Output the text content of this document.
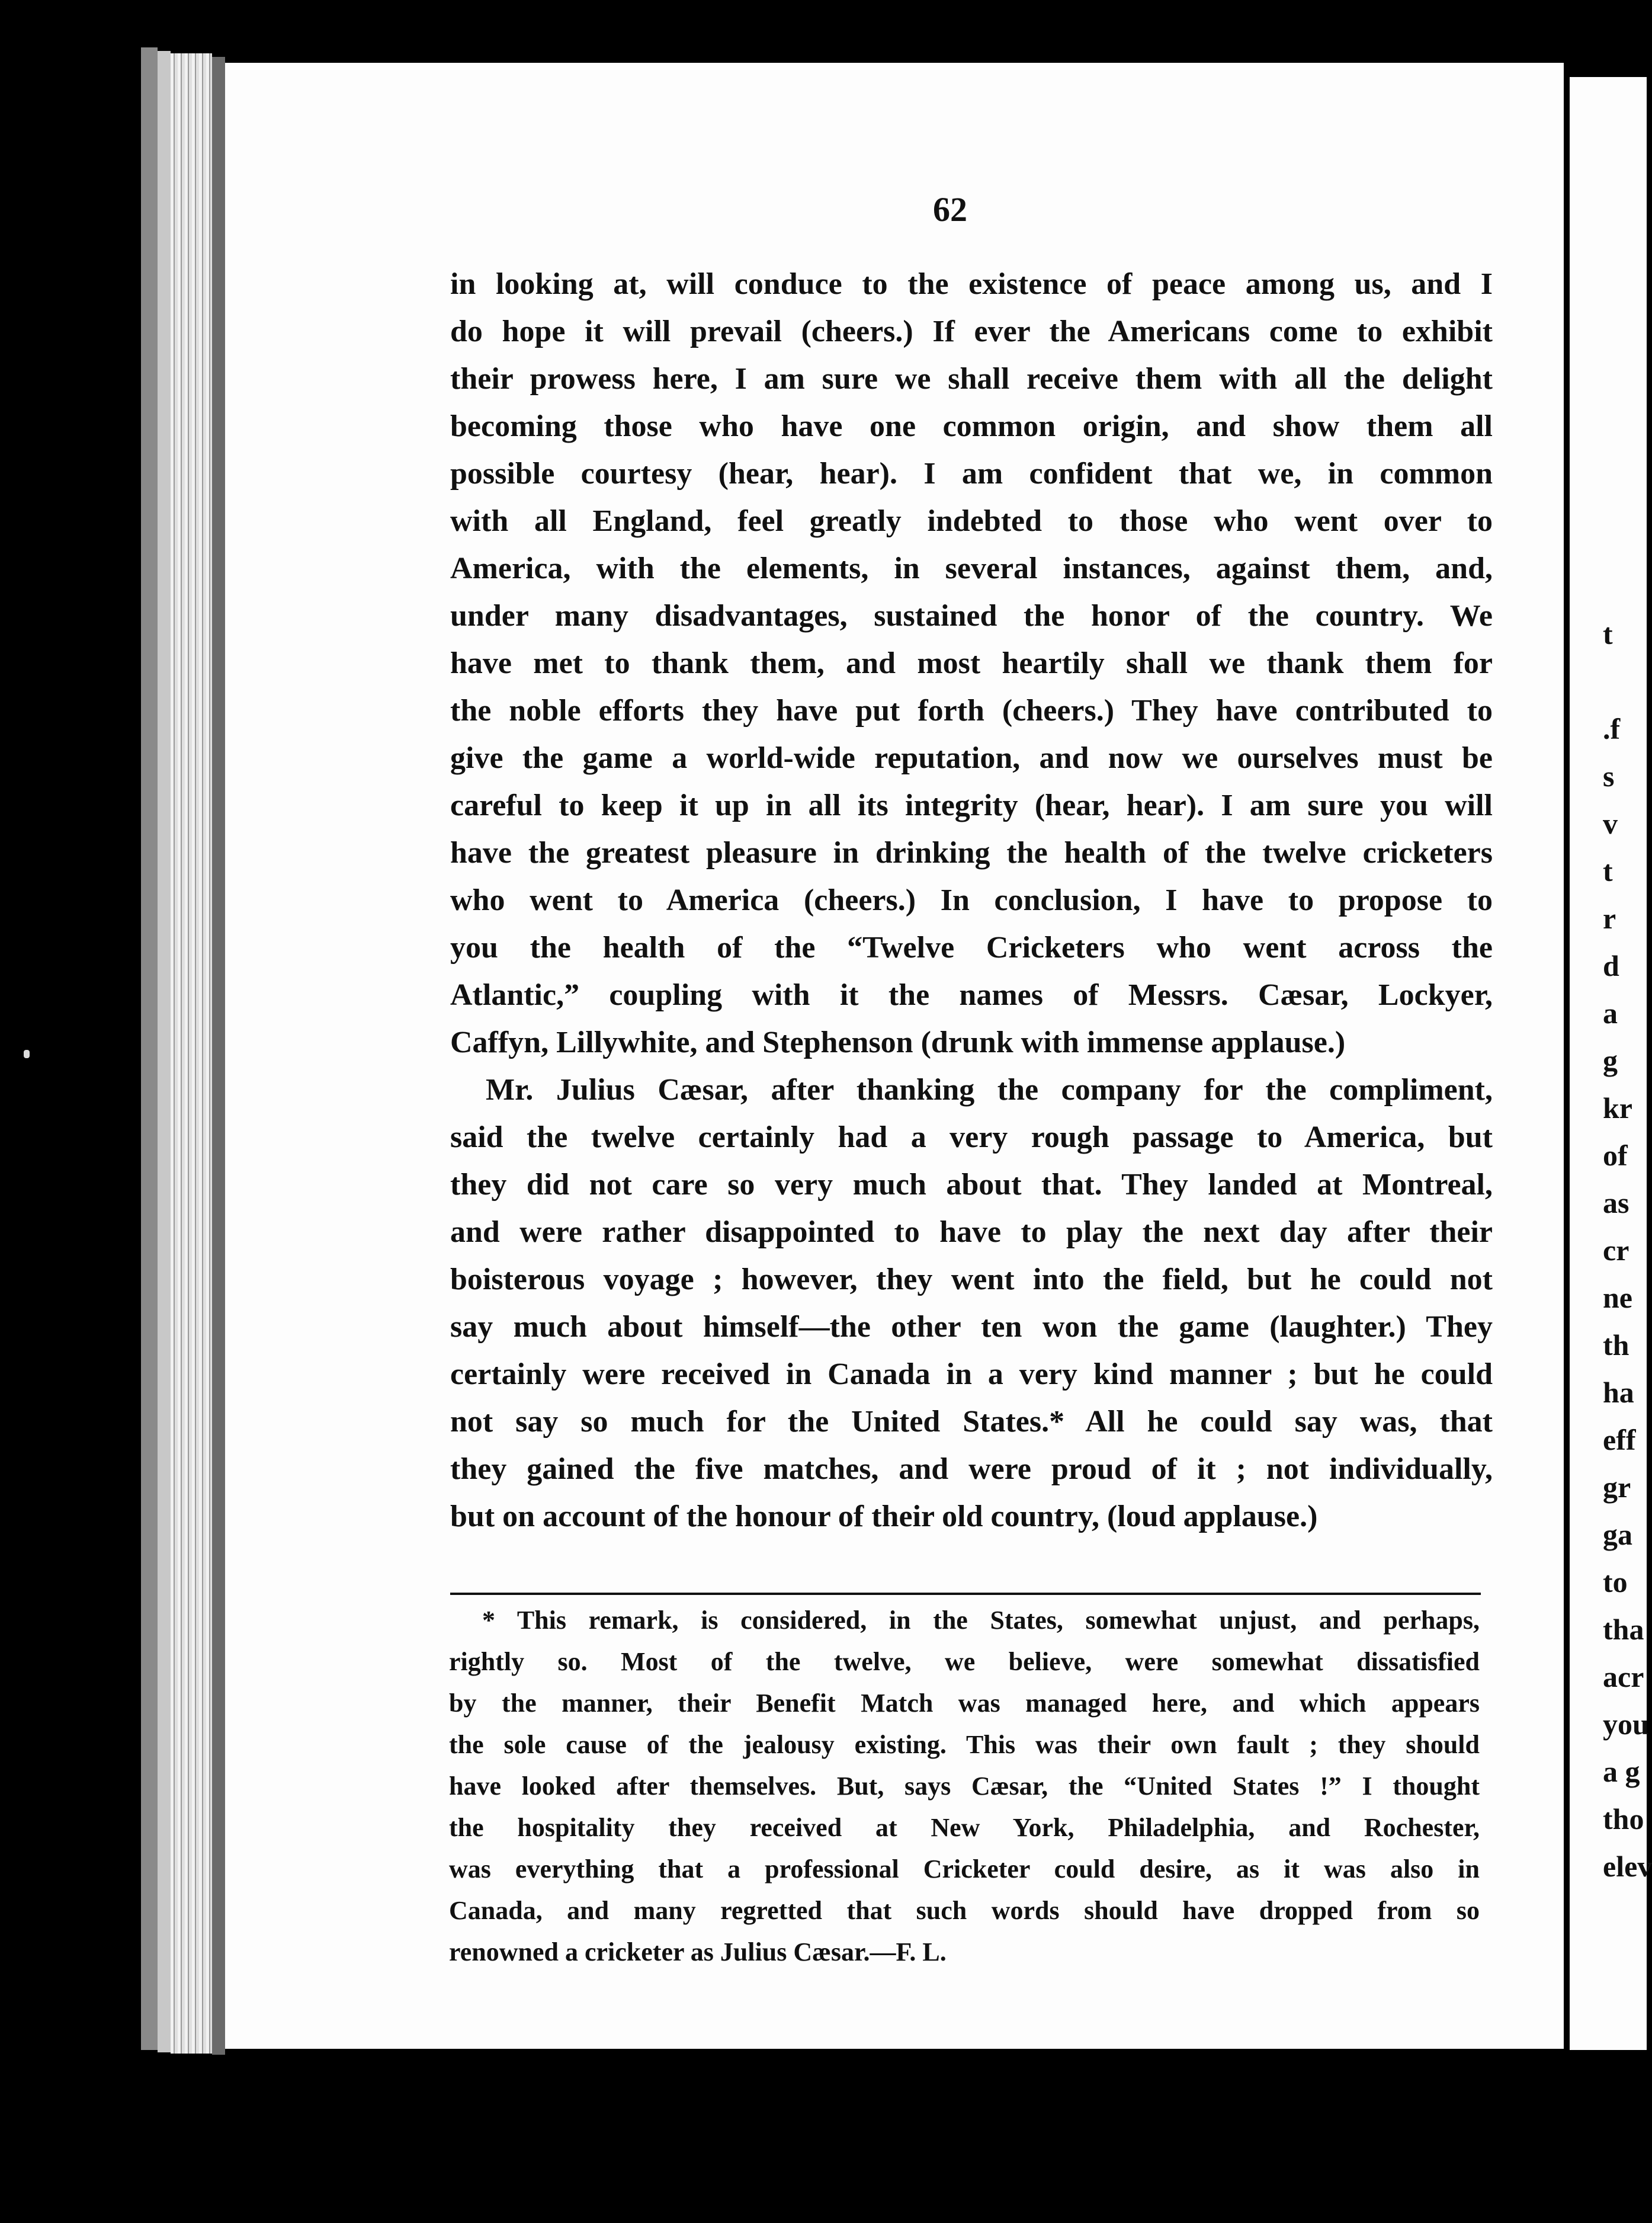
62
in looking at, will conduce to the existence of peace among us, and I
do hope it will prevail (cheers.) If ever the Americans come to exhibit
their prowess here, I am sure we shall receive them with all the delight
becoming those who have one common origin, and show them all
possible courtesy (hear, hear). I am confident that we, in common
with all England, feel greatly indebted to those who went over to
America, with the elements, in several instances, against them, and,
under many disadvantages, sustained the honor of the country. We
have met to thank them, and most heartily shall we thank them for
the noble efforts they have put forth (cheers.) They have contributed to
give the game a world-wide reputation, and now we ourselves must be
careful to keep it up in all its integrity (hear, hear). I am sure you will
have the greatest pleasure in drinking the health of the twelve cricketers
who went to America (cheers.) In conclusion, I have to propose to
you the health of the “Twelve Cricketers who went across the
Atlantic,” coupling with it the names of Messrs. Cæsar, Lockyer,
Caffyn, Lillywhite, and Stephenson (drunk with immense applause.)
Mr. Julius Cæsar, after thanking the company for the compliment,
said the twelve certainly had a very rough passage to America, but
they did not care so very much about that. They landed at Montreal,
and were rather disappointed to have to play the next day after their
boisterous voyage ; however, they went into the field, but he could not
say much about himself—the other ten won the game (laughter.) They
certainly were received in Canada in a very kind manner ; but he could
not say so much for the United States.* All he could say was, that
they gained the five matches, and were proud of it ; not individually,
but on account of the honour of their old country, (loud applause.)
* This remark, is considered, in the States, somewhat unjust, and perhaps,
rightly so. Most of the twelve, we believe, were somewhat dissatisfied
by the manner, their Benefit Match was managed here, and which appears
the sole cause of the jealousy existing. This was their own fault ; they should
have looked after themselves. But, says Cæsar, the “United States !” I thought
the hospitality they received at New York, Philadelphia, and Rochester,
was everything that a professional Cricketer could desire, as it was also in
Canada, and many regretted that such words should have dropped from so
renowned a cricketer as Julius Cæsar.—F. L.
t
.f
s
v
t
r
d
a
g
kr
of
as
cr
ne
th
ha
eff
gr
ga
to
tha
acr
you
a g
tho
elev
